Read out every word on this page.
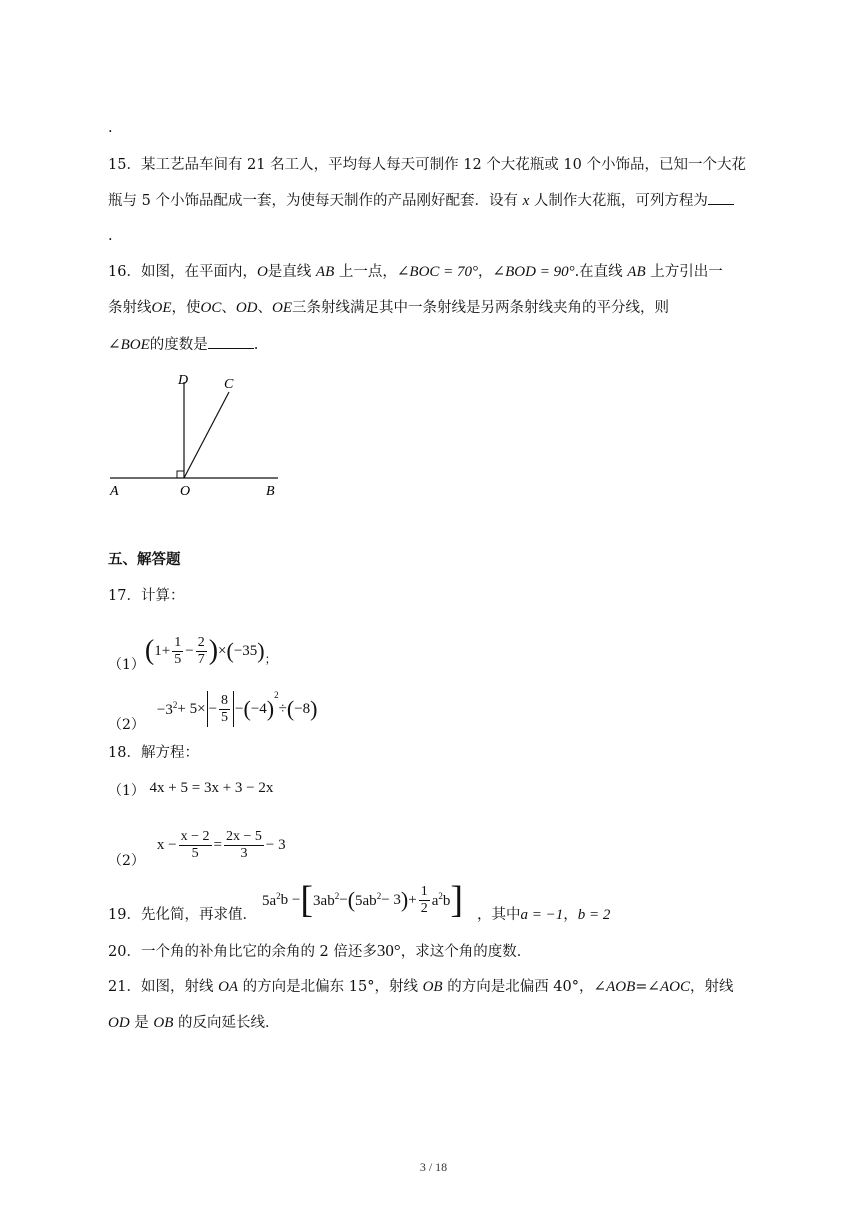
.
15．某工艺品车间有 21 名工人，平均每人每天可制作 12 个大花瓶或 10 个小饰品，已知一个大花
瓶与 5 个小饰品配成一套，为使每天制作的产品刚好配套．设有 x 人制作大花瓶，可列方程为
.
16．如图，在平面内，O是直线 AB 上一点，∠BOC = 70°，∠BOD = 90°.在直线 AB 上方引出一
条射线OE，使OC、OD、OE三条射线满足其中一条射线是另两条射线夹角的平分线，则
∠BOE的度数是	.
D	C
A	O	B
五、解答题
17．计算：
（1） ( $1+ \frac{1}{5} - \frac{2}{7}$ ) × ( −35 ) ；
（2）
$-3^2 + 5\times - \frac{8}{5}$ − ( −4 )
$^2$
÷ ( −8 )
18．解方程：
（1） 4x + 5 = 3x + 3 − 2x
（2）
$x - \frac{x - 2}{5} = \frac{2x - 5}{3} - 3$
19．先化简，再求值．
$5a^2$ b − [ $3ab^2$ − ( $5ab^2 - 3$ ) + $\frac{1}{2} a^2b$ ] ，其中a = −1，b = 2
20．一个角的补角比它的余角的 2 倍还多30°，求这个角的度数．
21．如图，射线 OA 的方向是北偏东 15°，射线 OB 的方向是北偏西 40°，∠AOB=∠AOC，射线
OD 是 OB 的反向延长线．
3 / 18
